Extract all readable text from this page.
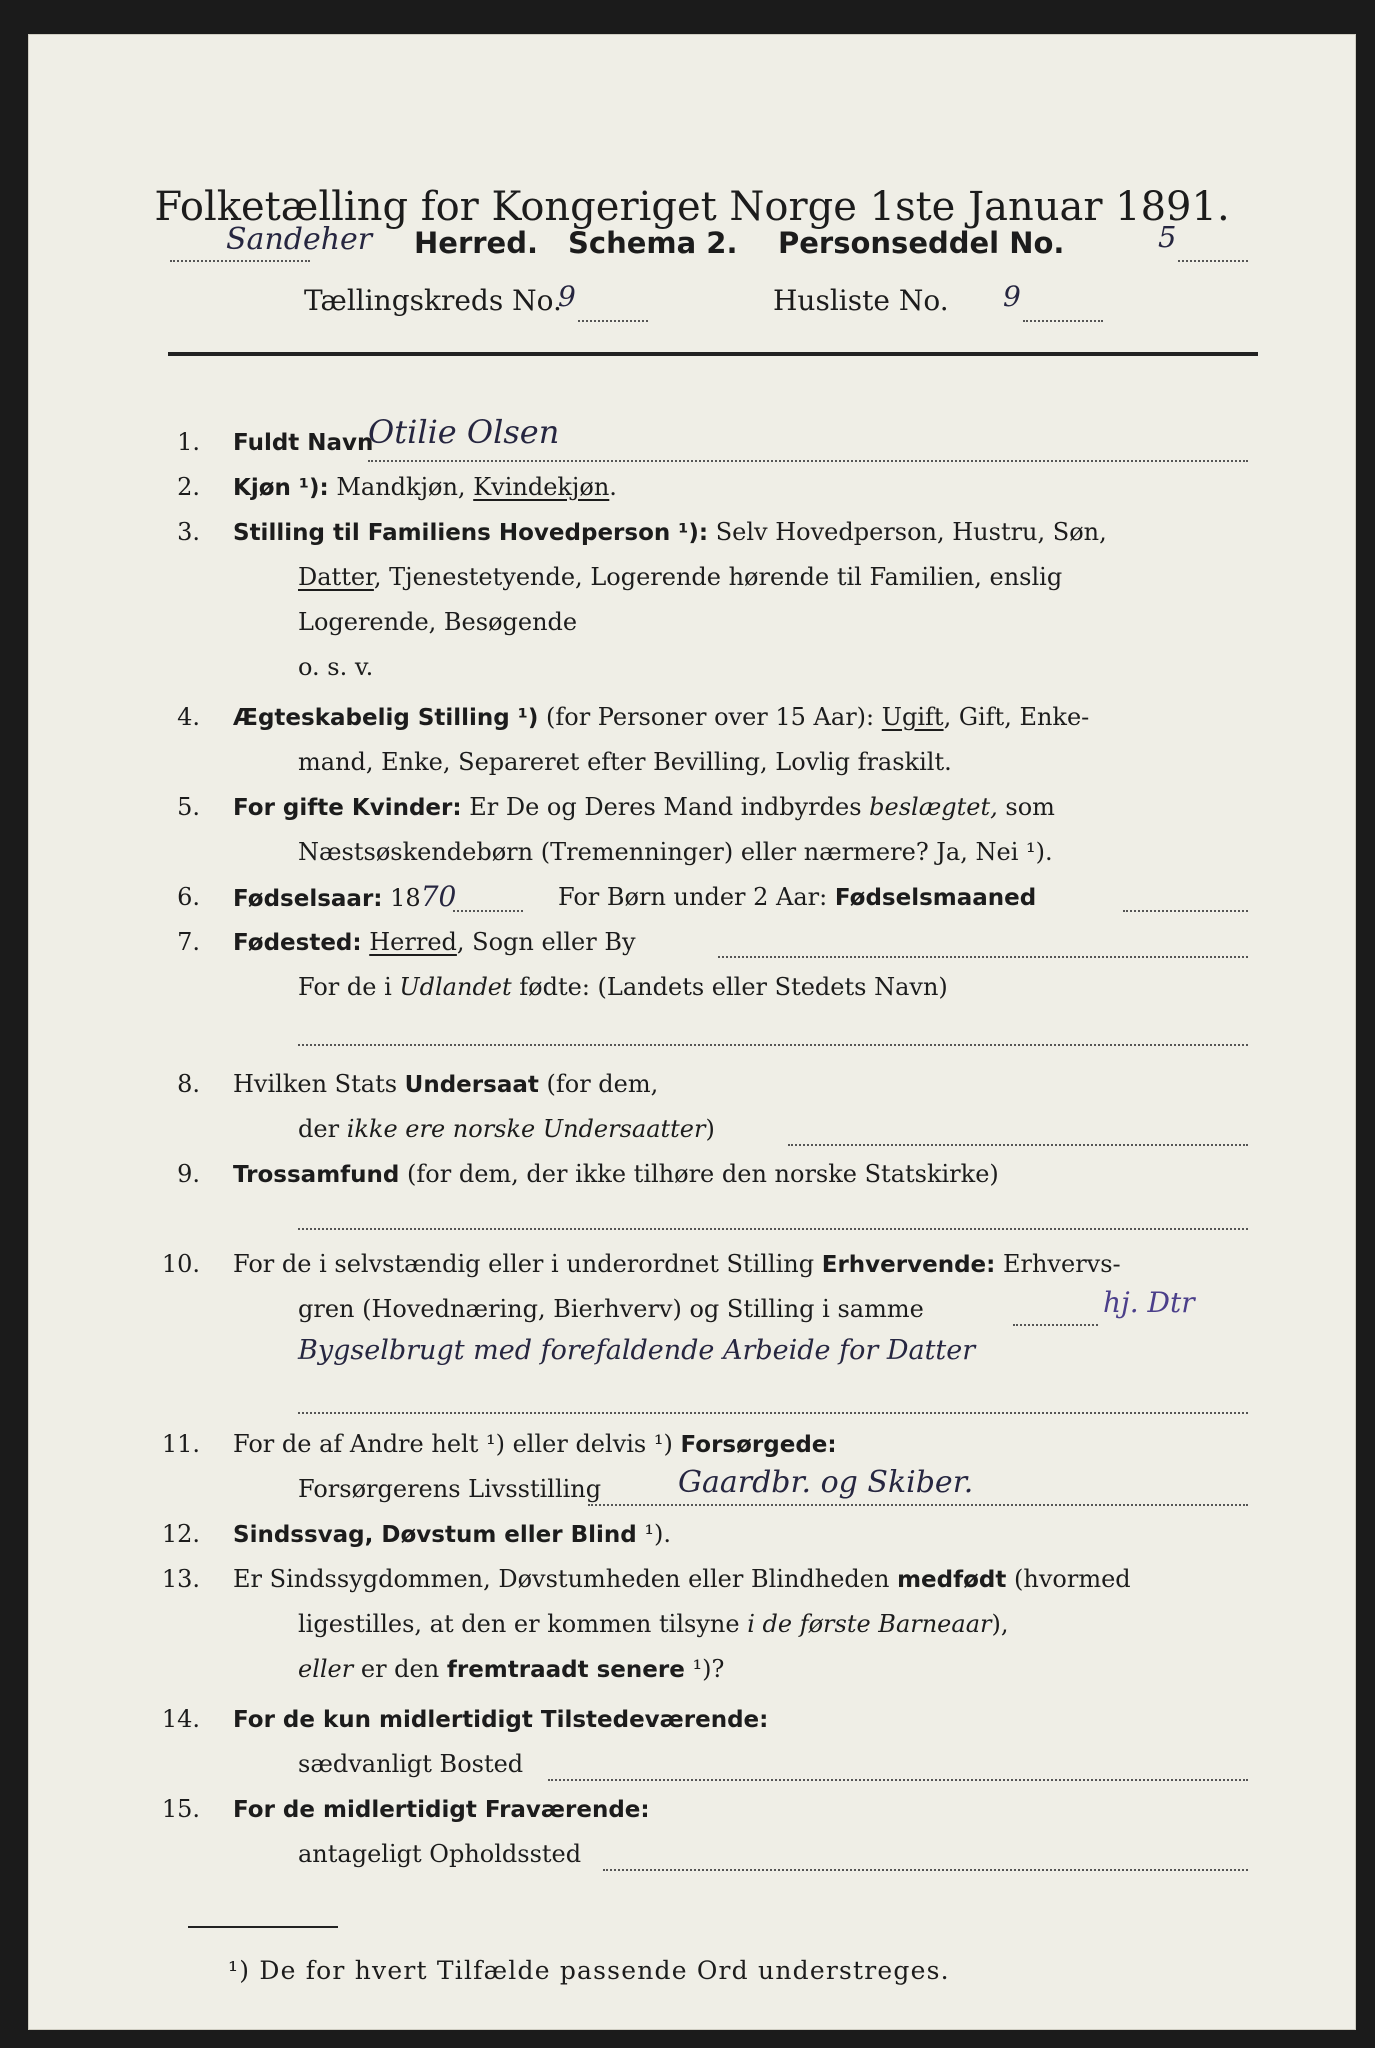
Folketælling for Kongeriget Norge 1ste Januar 1891.
Sandeher Herred. Schema 2. Personseddel No.	5
Tællingskreds No.
9	Husliste No. 9
1. Fuldt Navn
Otilie Olsen
2. Kjøn ¹): Mandkjøn, Kvindekjøn.
3. Stilling til Familiens Hovedperson ¹): Selv Hovedperson, Hustru, Søn,
Datter, Tjenestetyende, Logerende hørende til Familien, enslig
Logerende, Besøgende
o. s. v.
4. Ægteskabelig Stilling ¹) (for Personer over 15 Aar): Ugift, Gift, Enke-
mand, Enke, Separeret efter Bevilling, Lovlig fraskilt.
5. For gifte Kvinder: Er De og Deres Mand indbyrdes beslægtet, som
Næstsøskendebørn (Tremenninger) eller nærmere? Ja, Nei ¹).
6. Fødselsaar: 1870	For Børn under 2 Aar: Fødselsmaaned
7. Fødested: Herred, Sogn eller By
For de i Udlandet fødte: (Landets eller Stedets Navn)
8. Hvilken Stats Undersaat (for dem,
der ikke ere norske Undersaatter)
9. Trossamfund (for dem, der ikke tilhøre den norske Statskirke)
10. For de i selvstændig eller i underordnet Stilling Erhvervende: Erhvervs-
gren (Hovednæring, Bierhverv) og Stilling i samme	hj. Dtr
Bygselbrugt med forefaldende Arbeide for Datter
11. For de af Andre helt ¹) eller delvis ¹) Forsørgede:
Forsørgerens Livsstilling	Gaardbr. og Skiber.
12. Sindssvag, Døvstum eller Blind ¹).
13. Er Sindssygdommen, Døvstumheden eller Blindheden medfødt (hvormed
ligestilles, at den er kommen tilsyne i de første Barneaar),
eller er den fremtraadt senere ¹)?
14. For de kun midlertidigt Tilstedeværende:
sædvanligt Bosted
15. For de midlertidigt Fraværende:
antageligt Opholdssted
¹) De for hvert Tilfælde passende Ord understreges.
